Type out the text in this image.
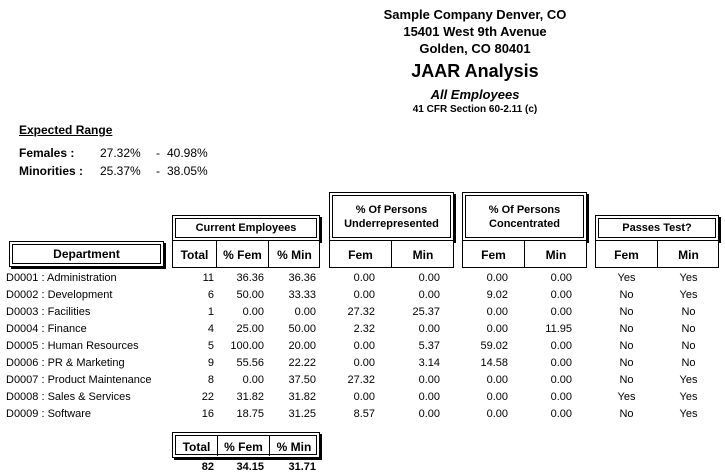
Sample Company Denver, CO
15401 West 9th Avenue
Golden, CO 80401
JAAR Analysis
All Employees
41 CFR Section 60-2.11 (c)
Expected Range
Females :	27.32% - 40.98%
Minorities :	25.37% - 38.05%
Department
Current Employees
Total	% Fem	% Min
% Of Persons
Underrepresented
Fem	Min
% Of Persons
Concentrated
Fem	Min
Passes Test?
Fem	Min
D0001 : Administration	11	36.36	36.36	0.00	0.00	0.00	0.00	Yes	Yes
D0002 : Development	6	50.00	33.33	0.00	0.00	9.02	0.00	No	Yes
D0003 : Facilities	1	0.00	0.00	27.32	25.37	0.00	0.00	No	No
D0004 : Finance	4	25.00	50.00	2.32	0.00	0.00	11.95	No	No
D0005 : Human Resources	5	100.00	20.00	0.00	5.37	59.02	0.00	No	No
D0006 : PR & Marketing	9	55.56	22.22	0.00	3.14	14.58	0.00	No	No
D0007 : Product Maintenance	8	0.00	37.50	27.32	0.00	0.00	0.00	No	Yes
D0008 : Sales & Services	22	31.82	31.82	0.00	0.00	0.00	0.00	Yes	Yes
D0009 : Software	16	18.75	31.25	8.57	0.00	0.00	0.00	No	Yes
Total	% Fem	% Min
82	34.15	31.71
